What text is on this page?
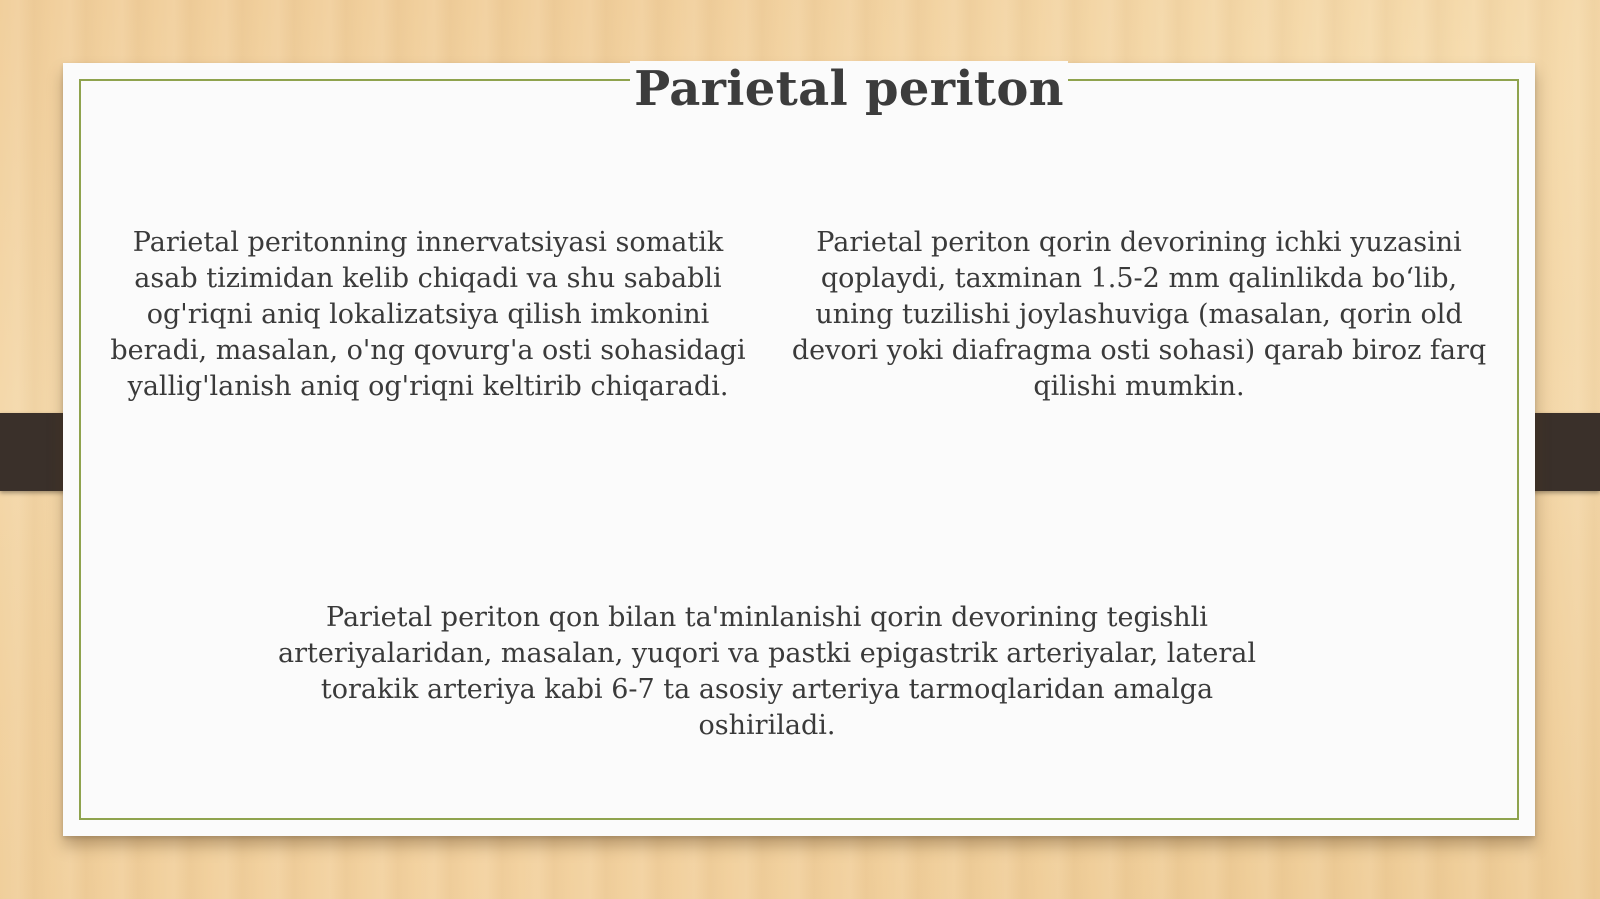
Parietal periton
Parietal peritonning innervatsiyasi somatik asab tizimidan kelib chiqadi va shu sababli og'riqni aniq lokalizatsiya qilish imkonini beradi, masalan, o'ng qovurg'a osti sohasidagi yallig'lanish aniq og'riqni keltirib chiqaradi.
Parietal periton qorin devorining ichki yuzasini qoplaydi, taxminan 1.5-2 mm qalinlikda bo‘lib, uning tuzilishi joylashuviga (masalan, qorin old devori yoki diafragma osti sohasi) qarab biroz farq qilishi mumkin.
Parietal periton qon bilan ta'minlanishi qorin devorining tegishli arteriyalaridan, masalan, yuqori va pastki epigastrik arteriyalar, lateral torakik arteriya kabi 6-7 ta asosiy arteriya tarmoqlaridan amalga oshiriladi.
